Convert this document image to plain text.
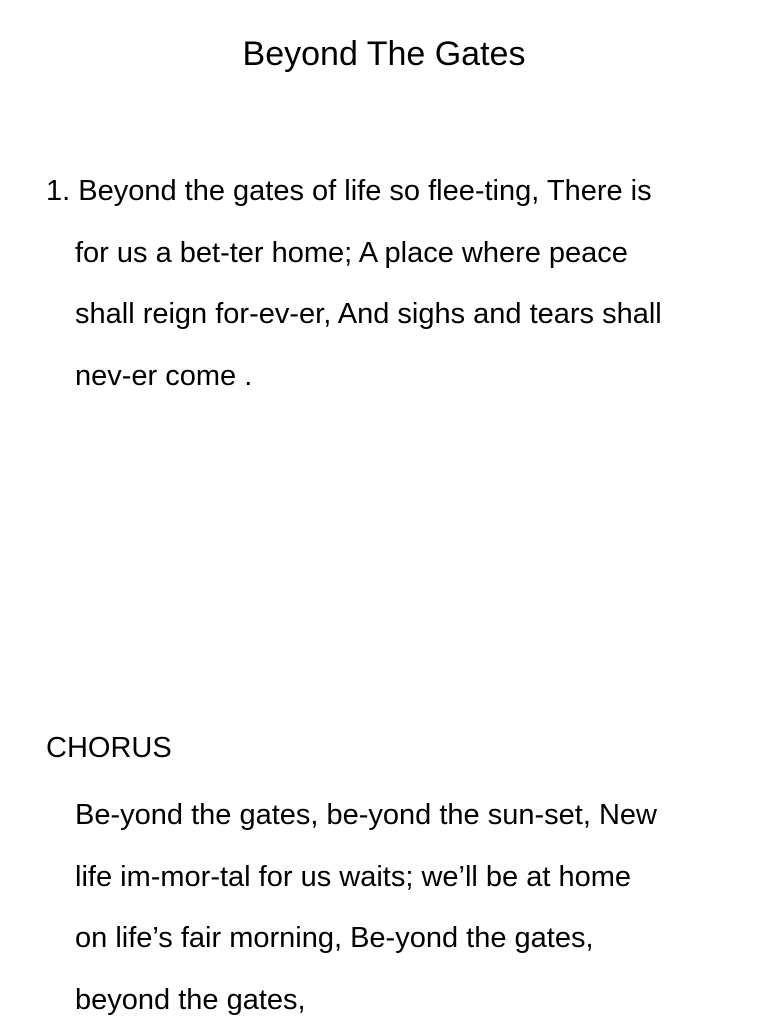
Beyond The Gates
1. Beyond the gates of life so flee-ting, There is
for us a bet-ter home; A place where peace
shall reign for-ev-er, And sighs and tears shall
nev-er come .
CHORUS
Be-yond the gates, be-yond the sun-set, New
life im-mor-tal for us waits; we’ll be at home
on life’s fair morning, Be-yond the gates,
beyond the gates,
